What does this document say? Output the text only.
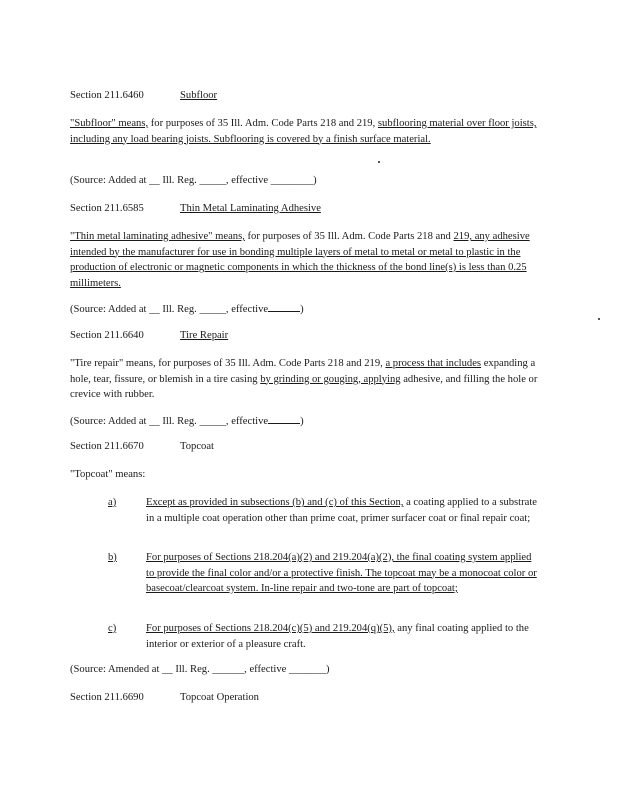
Section 211.6460	Subfloor
"Subfloor" means, for purposes of 35 Ill. Adm. Code Parts 218 and 219, subflooring material over floor joists, including any load bearing joists. Subflooring is covered by a finish surface material.
(Source: Added at __ Ill. Reg. _____, effective ________)
Section 211.6585	Thin Metal Laminating Adhesive
"Thin metal laminating adhesive" means, for purposes of 35 Ill. Adm. Code Parts 218 and 219, any adhesive intended by the manufacturer for use in bonding multiple layers of metal to metal or metal to plastic in the production of electronic or magnetic components in which the thickness of the bond line(s) is less than 0.25 millimeters.
(Source: Added at __ Ill. Reg. _____, effective	)
Section 211.6640	Tire Repair
"Tire repair" means, for purposes of 35 Ill. Adm. Code Parts 218 and 219, a process that includes expanding a hole, tear, fissure, or blemish in a tire casing by grinding or gouging, applying adhesive, and filling the hole or crevice with rubber.
(Source: Added at __ Ill. Reg. _____, effective	)
Section 211.6670	Topcoat
"Topcoat" means:
a)	Except as provided in subsections (b) and (c) of this Section, a coating applied to a substrate in a multiple coat operation other than prime coat, primer surfacer coat or final repair coat;
b)	For purposes of Sections 218.204(a)(2) and 219.204(a)(2), the final coating system applied to provide the final color and/or a protective finish. The topcoat may be a monocoat color or basecoat/clearcoat system. In-line repair and two-tone are part of topcoat;
c)	For purposes of Sections 218.204(c)(5) and 219.204(q)(5), any final coating applied to the interior or exterior of a pleasure craft.
(Source: Amended at __ Ill. Reg. ______, effective _______)
Section 211.6690	Topcoat Operation
